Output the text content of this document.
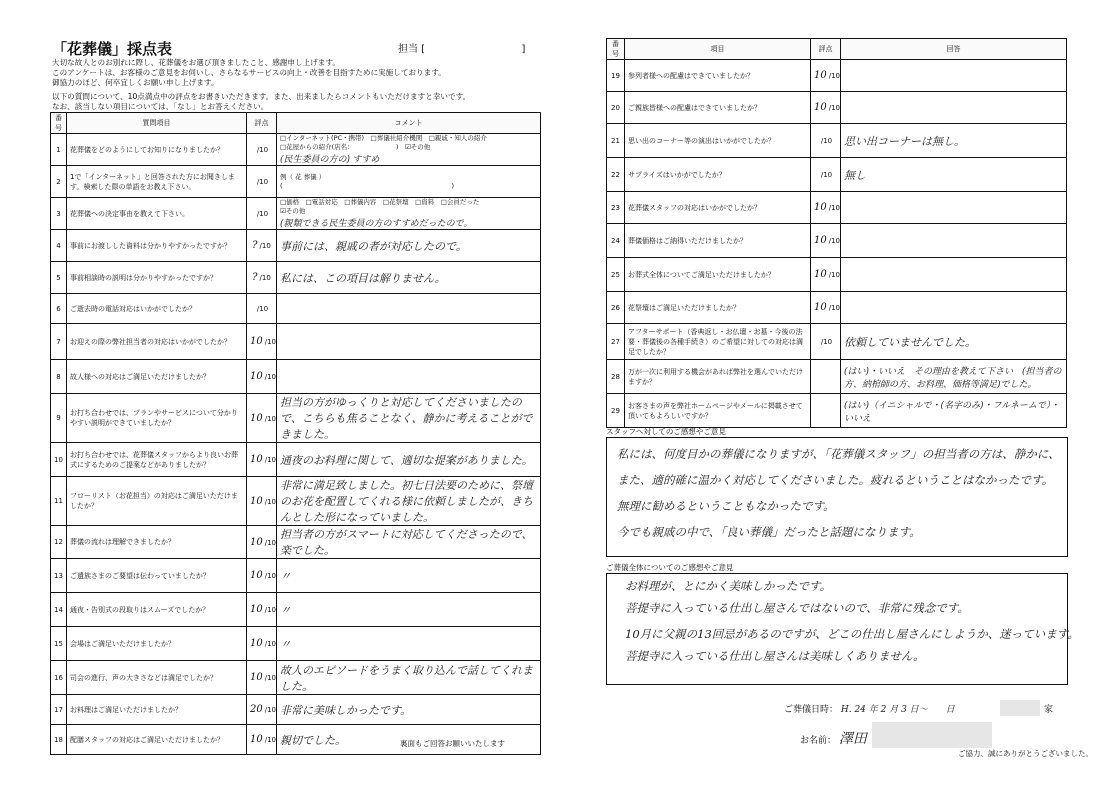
「花葬儀」採点表	担当 [	]
大切な故人とのお別れに際し、花葬儀をお選び頂きましたこと、感謝申し上げます。
このアンケートは、お客様のご意見をお伺いし、さらなるサービスの向上・改善を目指すために実施しております。
御協力のほど、何卒宜しくお願い申し上げます。
以下の質問について、10点満点中の評点をお書きいただきます。また、出来ましたらコメントもいただけますと幸いです。
なお、該当しない項目については、「なし」とお答えください。
番号	質問項目	評点	コメント
1	花葬儀をどのようにしてお知りになりましたか？	/10	□インターネット(PC・携帯)　□葬儀社紹介機関　□親戚・知人の紹介
□花屋からの紹介(店名：　　　　　　　)　☑その他
(民生委員の方の) すすめ
2	1で「インターネット」と回答された方にお聞きします。検索した際の単語をお教え下さい。	/10	例（ 花 葬儀 ）
(　　　　　　　　　　　　　　　　　　　　　　　　　　)

3	花葬儀への決定事由を教えて下さい。	/10	□価格　□電話対応　□葬儀内容　□花祭壇　□資料　□会員だった
☑その他
(親類できる民生委員の方のすすめだったので。
4	事前にお渡しした資料は分かりやすかったですか？	? /10	事前には、親戚の者が対応したので。
5	事前相談時の説明は分かりやすかったですか？	? /10	私には、この項目は解りません。
6	ご逝去時の電話対応はいかがでしたか？	/10	
7	お迎えの際の弊社担当者の対応はいかがでしたか？	10 /10	
8	故人様への対応はご満足いただけましたか？	10 /10	
9	お打ち合わせでは、プランやサービスについて分かりやすい説明ができていましたか？	10 /10	担当の方がゆっくりと対応してくださいましたので、こちらも焦ることなく、静かに考えることができました。
10	お打ち合わせでは、花葬儀スタッフからより良いお葬式にするためのご提案などがありましたか？	10 /10	通夜のお料理に関して、適切な提案がありました。
11	フローリスト（お花担当）の対応はご満足いただけましたか？	10 /10	非常に満足致しました。初七日法要のために、祭壇のお花を配置してくれる様に依頼しましたが、きちんとした形になっていました。
12	葬儀の流れは理解できましたか？	10 /10	担当者の方がスマートに対応してくださったので、楽でした。
13	ご遺族さまのご要望は伝わっていましたか？	10 /10	〃
14	通夜・告別式の段取りはスムーズでしたか？	10 /10	〃
15	会場はご満足いただけましたか？	10 /10	〃
16	司会の進行、声の大きさなどは満足でしたか？	10 /10	故人のエピソードをうまく取り込んで話してくれました。
17	お料理はご満足いただけましたか？	20 /10	非常に美味しかったです。
18	配膳スタッフの対応はご満足いただけましたか？	10 /10	親切でした。	裏面もご回答お願いいたします
番号	項目	評点	回答
19	参列者様への配慮はできていましたか？	10 /10	
20	ご親族皆様への配慮はできていましたか？	10 /10	
21	思い出のコーナー等の演出はいかがでしたか？	/10	思い出コーナーは無し。
22	サプライズはいかがでしたか？	/10	無し
23	花葬儀スタッフの対応はいかがでしたか？	10 /10	
24	葬儀価格はご納得いただけましたか？	10 /10	
25	お葬式全体についてご満足いただけましたか？	10 /10	
26	花祭壇はご満足いただけましたか？	10 /10	
27	アフターサポート（香典返し・お仏壇・お墓・今後の法要・葬儀後の各種手続き）のご希望に対しての対応は満足でしたか？	/10	依頼していませんでした。
28	万が一次に利用する機会があれば弊社を選んでいただけますか？		(はい)・いいえ　その理由を教えて下さい　(担当者の方、納棺師の方、お料理、価格等満足)でした。
29	お客さまの声を弊社ホームページやメールに掲載させて頂いてもよろしいですか？		(はい)（イニシャルで・(名字のみ)・フルネームで）・　いいえ
スタッフへ対してのご感想やご意見
私には、何度目かの葬儀になりますが、「花葬儀スタッフ」の担当者の方は、静かに、
また、適的確に温かく対応してくださいました。疲れるということはなかったです。
無理に勧めるということもなかったです。
今でも親戚の中で、「良い葬儀」だったと話題になります。
ご葬儀全体についてのご感想やご意見
お料理が、とにかく美味しかったです。
菩提寺に入っている仕出し屋さんではないので、非常に残念です。
10月に父親の13回忌があるのですが、どこの仕出し屋さんにしようか、迷っています。
菩提寺に入っている仕出し屋さんは美味しくありません。
ご葬儀日時： H. 24 年 2 月 3 日〜　　日	家
お名前： 澤田
ご協力、誠にありがとうございました。
